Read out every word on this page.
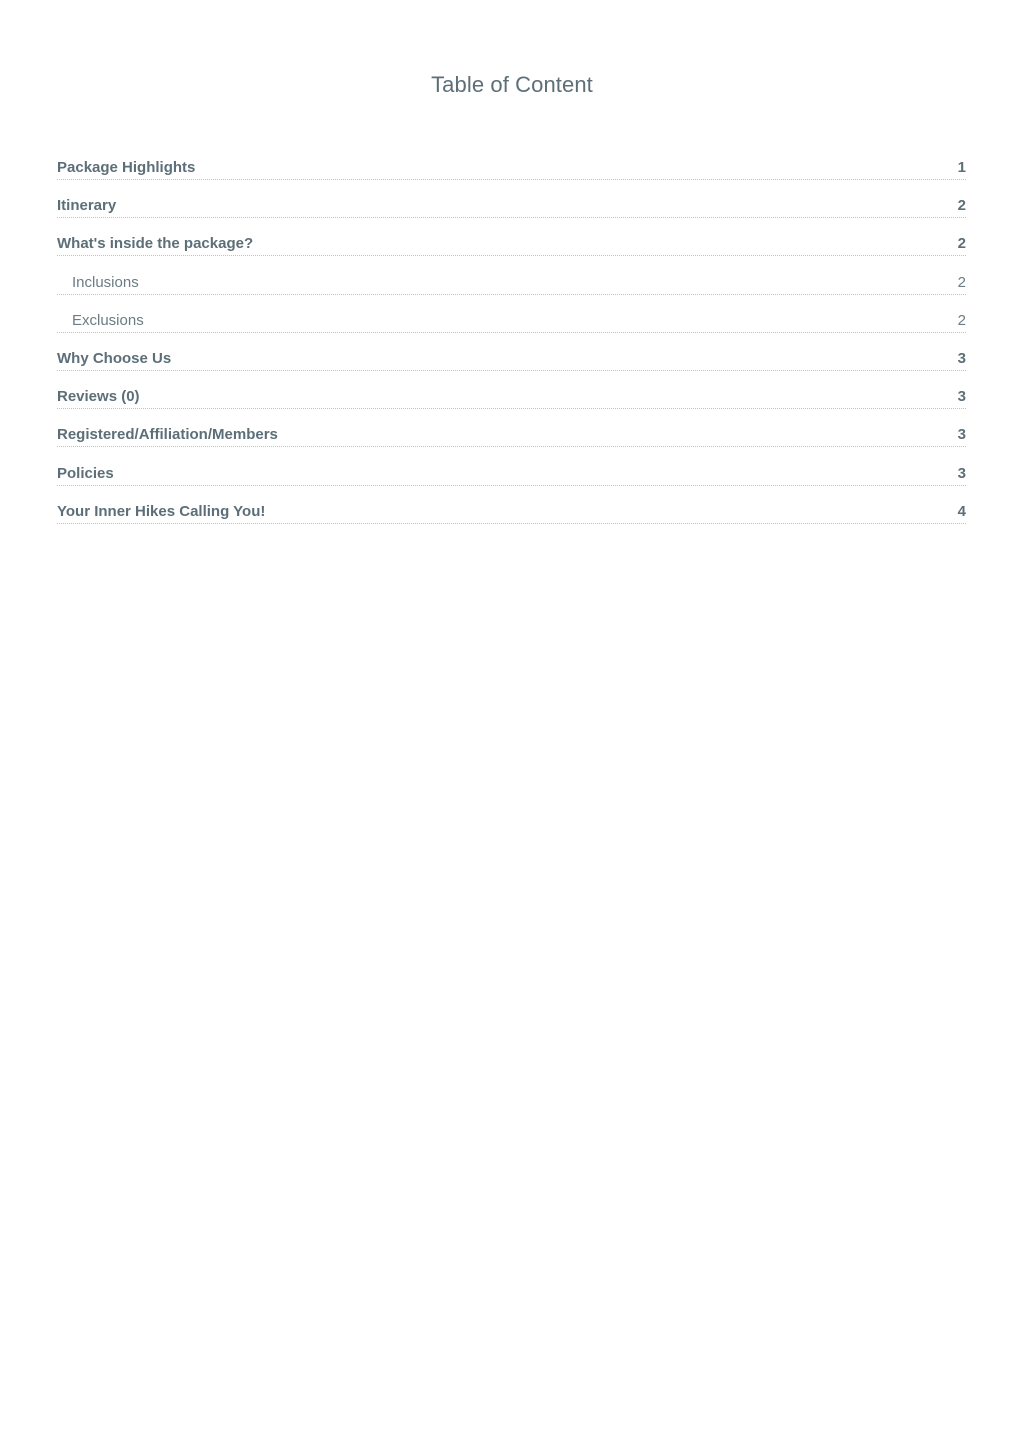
Table of Content
Package Highlights	1
Itinerary	2
What's inside the package?	2
Inclusions	2
Exclusions	2
Why Choose Us	3
Reviews (0)	3
Registered/Affiliation/Members	3
Policies	3
Your Inner Hikes Calling You!	4
